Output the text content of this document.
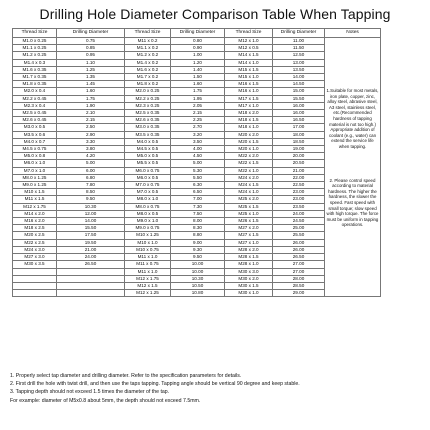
Drilling Hole Diameter Comparison Table When Tapping
Thread Size	Drilling Diameter	Thread Size	Drilling Diameter	Thread Size	Drilling Diameter	Notes
M1.0 x 0.25	0.75	M11 x 0.2	0.80	M12 x 1.0	11.00	1.Suitable for most metals, iron plate, copper, zinc, alloy steel, abrasive steel, A3 steel, stainless steel, etc.(Recommended hardness of tapping material is not too high.) Appropriate addition of coolant (e.g., water) can extend the service life when tapping.
2. Please control speed according to material hardness. The higher the hardness, the slower the speed. Fast speed with small torque; slow speed with high torque. The force must be uniform in tapping operations.

M1.1 x 0.25	0.85	M1.1 x 0.2	0.90	M12 x 0.5	11.50	
M1.2 x 0.25	0.95	M1.2 x 0.2	1.00	M14 x 1.5	12.50	
M1.4 x 0.3	1.10	M1.4 x 0.2	1.20	M14 x 1.0	13.00	
M1.6 x 0.35	1.25	M1.6 x 0.2	1.40	M15 x 1.5	13.50	
M1.7 x 0.35	1.35	M1.7 x 0.2	1.50	M15 x 1.0	14.00	
M1.8 x 0.35	1.45	M1.8 x 0.2	1.60	M16 x 1.5	14.50	
M2.0 x 0.4	1.60	M2.0 x 0.25	1.75	M16 x 1.0	15.00	
M2.2 x 0.45	1.75	M2.2 x 0.25	1.95	M17 x 1.5	15.50	
M2.3 x 0.4	1.90	M2.3 x 0.25	2.05	M17 x 1.0	16.00	
M2.5 x 0.45	2.10	M2.5 x 0.35	2.15	M18 x 2.0	16.00	
M2.6 x 0.45	2.15	M2.6 x 0.35	2.25	M18 x 1.5	16.50	
M3.0 x 0.5	2.50	M3.0 x 0.35	2.70	M18 x 1.0	17.00	
M3.5 x 0.6	2.90	M3.5 x 0.35	3.20	M20 x 2.0	18.00	
M4.0 x 0.7	3.30	M4.0 x 0.5	3.50	M20 x 1.5	18.50	
M4.5 x 0.75	3.80	M4.5 x 0.5	4.00	M20 x 1.0	19.00	
M5.0 x 0.8	4.20	M5.0 x 0.5	4.50	M22 x 2.0	20.00	
M6.0 x 1.0	5.00	M5.5 x 0.5	5.00	M22 x 1.5	20.50	
M7.0 x 1.0	6.00	M6.0 x 0.75	5.30	M22 x 1.0	21.00	
M8.0 x 1.25	6.80	M6.0 x 0.5	5.50	M24 x 2.0	22.00	
M9.0 x 1.25	7.80	M7.0 x 0.75	6.30	M24 x 1.5	22.50	
M10 x 1.5	8.50	M7.0 x 0.5	6.50	M24 x 1.0	23.00	
M11 x 1.5	9.50	M8.0 x 1.0	7.00	M25 x 2.0	23.00	
M12 x 1.75	10.30	M8.0 x 0.75	7.30	M25 x 1.5	23.50	
M14 x 2.0	12.00	M8.0 x 0.5	7.50	M25 x 1.0	24.00	
M16 x 2.0	14.00	M9.0 x 1.0	8.00	M26 x 1.5	24.50	
M18 x 2.5	15.50	M9.0 x 0.75	8.30	M27 x 2.0	25.00	
M20 x 2.5	17.50	M10 x 1.25	8.80	M27 x 1.5	25.50	
M22 x 2.5	19.50	M10 x 1.0	9.00	M27 x 1.0	26.00	
M24 x 3.0	21.00	M10 x 0.75	9.30	M28 x 2.0	26.00	
M27 x 3.0	24.00	M11 x 1.0	9.50	M28 x 1.5	26.50	
M30 x 3.5	26.50	M11 x 0.75	10.00	M28 x 1.0	27.00	
		M11 x 1.0	10.00	M30 x 3.0	27.00	
		M12 x 1.75	10.30	M30 x 2.0	28.00	
		M12 x 1.5	10.50	M30 x 1.5	28.50	
		M12 x 1.25	10.80	M30 x 1.0	29.00	
1. Properly select tap diameter and drilling diameter. Refer to the specification parameters for details.
2. First drill the hole with twist drill, and then use the taps tapping. Tapping angle should be vertical 90 degree and keep stable.
3. Tapping depth should not exceed 1.5 times the diameter of the tap.
For example: diameter of M5x0.8 about 5mm, the depth should not exceed 7.5mm.
